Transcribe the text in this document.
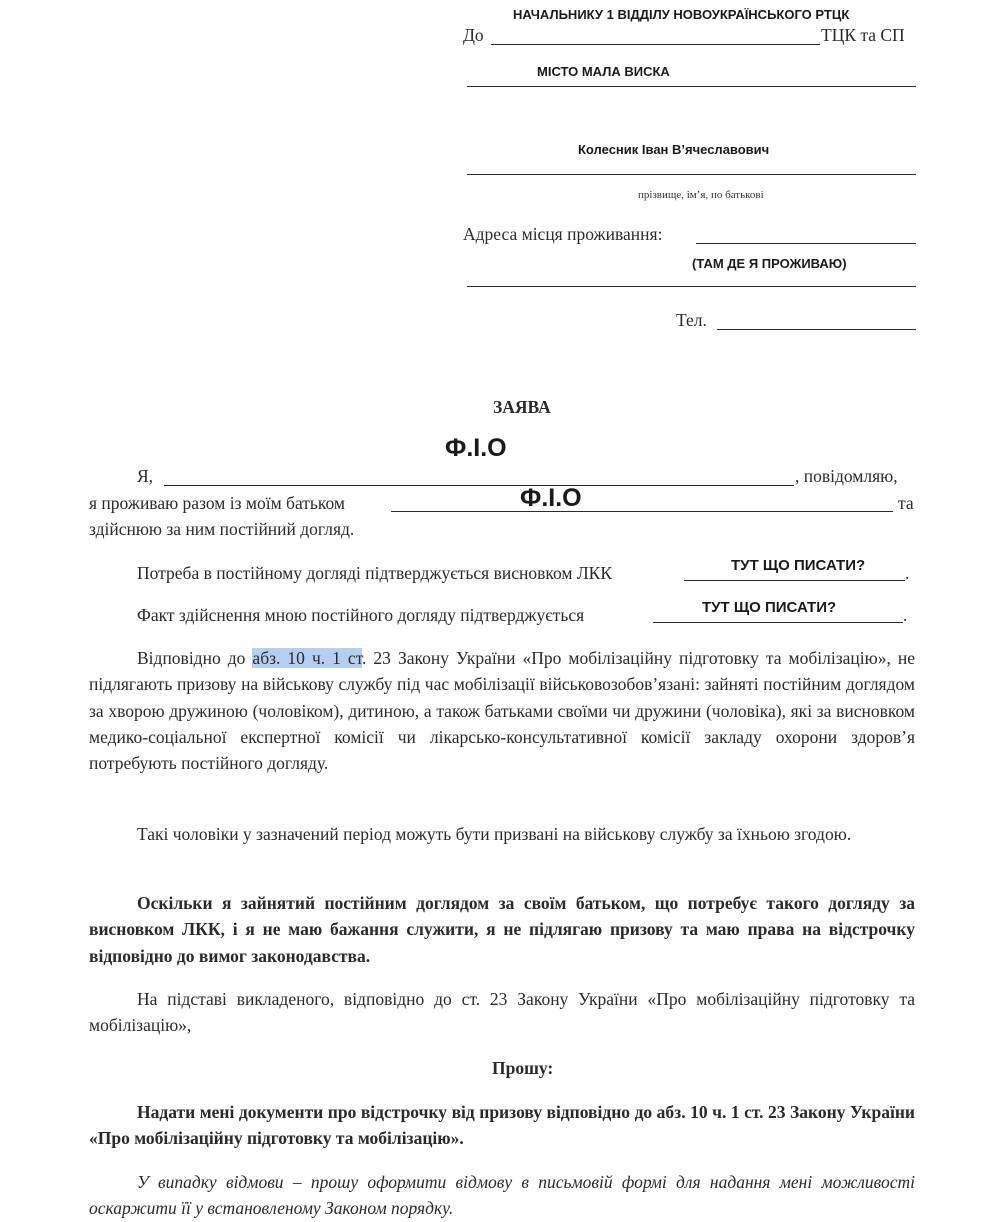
НАЧАЛЬНИКУ 1 ВІДДІЛУ НОВОУКРАЇНСЬКОГО РТЦК
До	ТЦК та СП
МІСТО МАЛА ВИСКА
Колесник Іван В’ячеславович
прізвище, ім’я, по батькові
Адреса місця проживання:
(ТАМ ДЕ Я ПРОЖИВАЮ)
Тел.
ЗАЯВА
Ф.І.О
Ф.І.О
Я,	, повідомляю,
я проживаю разом із моїм батьком	та
здійснюю за ним постійний догляд.
Потреба в постійному догляді підтверджується висновком ЛКК	ТУТ ЩО ПИСАТИ? .
Факт здійснення мною постійного догляду підтверджується	ТУТ ЩО ПИСАТИ?	.
Відповідно до абз. 10 ч. 1 ст. 23 Закону України «Про мобілізаційну підготовку та мобілізацію», не підлягають призову на військову службу під час мобілізації військовозобов’язані: зайняті постійним доглядом за хворою дружиною (чоловіком), дитиною, а також батьками своїми чи дружини (чоловіка), які за висновком медико-соціальної експертної комісії чи лікарсько-консультативної комісії закладу охорони здоров’я потребують постійного догляду.
Такі чоловіки у зазначений період можуть бути призвані на військову службу за їхньою згодою.
Оскільки я зайнятий постійним доглядом за своїм батьком, що потребує такого догляду за висновком ЛКК, і я не маю бажання служити, я не підлягаю призову та маю права на відстрочку відповідно до вимог законодавства.
На підставі викладеного, відповідно до ст. 23 Закону України «Про мобілізаційну підготовку та мобілізацію»,
Прошу:
Надати мені документи про відстрочку від призову відповідно до абз. 10 ч. 1 ст. 23 Закону України «Про мобілізаційну підготовку та мобілізацію».
У випадку відмови – прошу оформити відмову в письмовій формі для надання мені можливості оскаржити її у встановленому Законом порядку.
